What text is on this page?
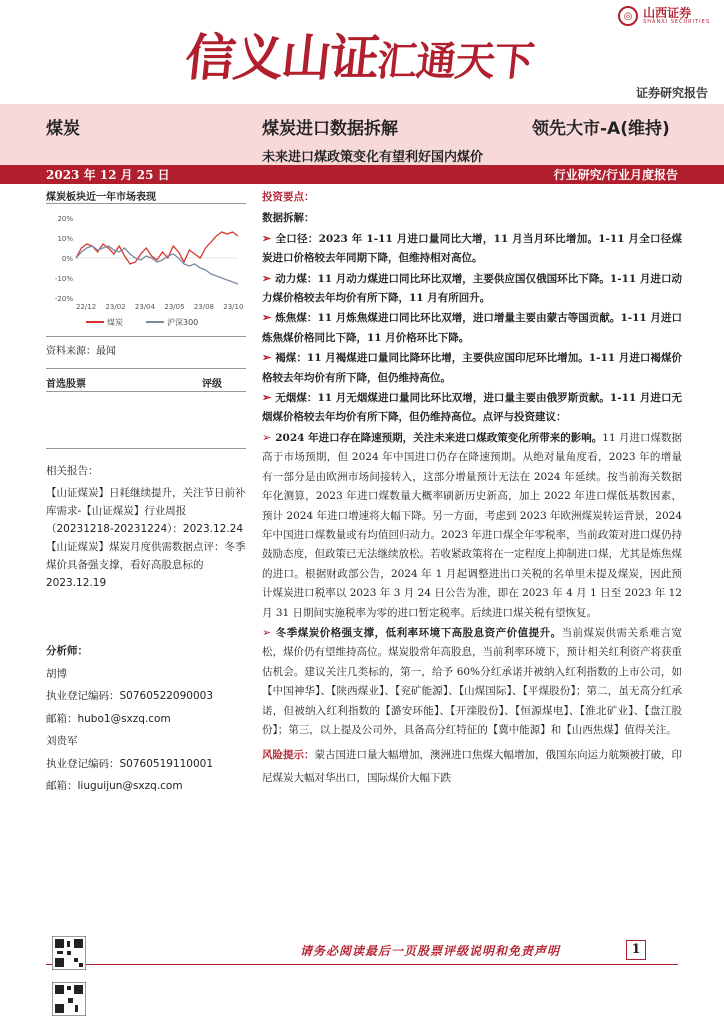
信义山证汇通天下
◎ 山西证券
SHANXI SECURITIES
证券研究报告
煤炭	煤炭进口数据拆解	领先大市-A(维持)
未来进口煤政策变化有望利好国内煤价
2023 年 12 月 25 日	行业研究/行业月度报告
煤炭板块近一年市场表现
20%
10%
0%
-10%
-20%
22/12 23/02 23/04 23/05 23/08 23/10
煤炭	沪深300
资料来源：最闻
首选股票	评级
相关报告：
【山证煤炭】日耗继续提升，关注节日前补库需求-【山证煤炭】行业周报（20231218-20231224）：2023.12.24
【山证煤炭】煤炭月度供需数据点评：冬季煤价具备强支撑，看好高股息标的 2023.12.19
分析师：
胡博
执业登记编码：S0760522090003
邮箱：hubo1@sxzq.com
刘贵军
执业登记编码：S0760519110001
邮箱：liuguijun@sxzq.com

投资要点：

数据拆解：

➢ 全口径：2023 年 1-11 月进口量同比大增，11 月当月环比增加。1-11 月全口径煤炭进口价格较去年同期下降，但维持相对高位。

➢ 动力煤：11 月动力煤进口同比环比双增，主要供应国仅俄国环比下降。1-11 月进口动力煤价格较去年均价有所下降，11 月有所回升。

➢ 炼焦煤：11 月炼焦煤进口同比环比双增，进口增量主要由蒙古等国贡献。1-11 月进口炼焦煤价格同比下降，11 月价格环比下降。

➢ 褐煤：11 月褐煤进口量同比降环比增，主要供应国印尼环比增加。1-11 月进口褐煤价格较去年均价有所下降，但仍维持高位。

➢ 无烟煤：11 月无烟煤进口量同比环比双增，进口量主要由俄罗斯贡献。1-11 月进口无烟煤价格较去年均价有所下降，但仍维持高位。点评与投资建议：

➢ 2024 年进口存在降速预期，关注未来进口煤政策变化所带来的影响。11 月进口煤数据高于市场预期，但 2024 年中国进口仍存在降速预期。从绝对量角度看，2023 年的增量有一部分是由欧洲市场间接转入，这部分增量预计无法在 2024 年延续。按当前海关数据年化测算，2023 年进口煤数量大概率刷新历史新高，加上 2022 年进口煤低基数因素，预计 2024 年进口增速将大幅下降。另一方面，考虑到 2023 年欧洲煤炭转运背景，2024 年中国进口煤数量或有均值回归动力。2023 年进口煤全年零税率，当前政策对进口煤仍持鼓励态度，但政策已无法继续放松。若收紧政策将在一定程度上抑制进口煤，尤其是炼焦煤的进口。根据财政部公告，2024 年 1 月起调整进出口关税的名单里未提及煤炭，因此预计煤炭进口税率以 2023 年 3 月 24 日公告为准，即在 2023 年 4 月 1 日至 2023 年 12 月 31 日期间实施税率为零的进口暂定税率。后续进口煤关税有望恢复。

➢ 冬季煤炭价格强支撑，低利率环境下高股息资产价值提升。当前煤炭供需关系难言宽松，煤价仍有望维持高位。煤炭股常年高股息，当前利率环境下，预计相关红利资产将获重估机会。建议关注几类标的，第一，给予 60%分红承诺并被纳入红利指数的上市公司，如【中国神华】、【陕西煤业】、【兖矿能源】、【山煤国际】、【平煤股份】；第二，虽无高分红承诺，但被纳入红利指数的【潞安环能】、【开滦股份】、【恒源煤电】、【淮北矿业】、【盘江股份】；第三，以上提及公司外，具备高分红特征的【冀中能源】和【山西焦煤】值得关注。

风险提示：蒙古国进口量大幅增加，澳洲进口焦煤大幅增加，俄国东向运力航频被打破，印尼煤炭大幅对华出口，国际煤价大幅下跌

请务必阅读最后一页股票评级说明和免责声明	1
